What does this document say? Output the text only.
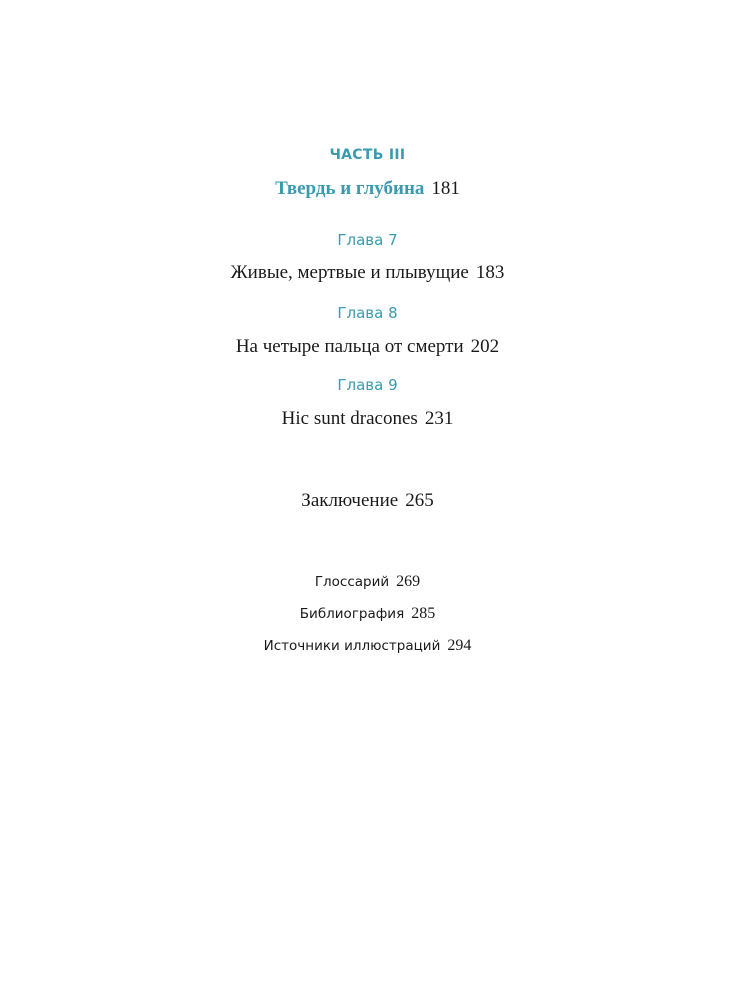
ЧАСТЬ III
Твердь и глубина 181
Глава 7
Живые, мертвые и плывущие 183
Глава 8
На четыре пальца от смерти 202
Глава 9
Hic sunt dracones 231
Заключение 265
Глоссарий 269
Библиография 285
Источники иллюстраций 294
